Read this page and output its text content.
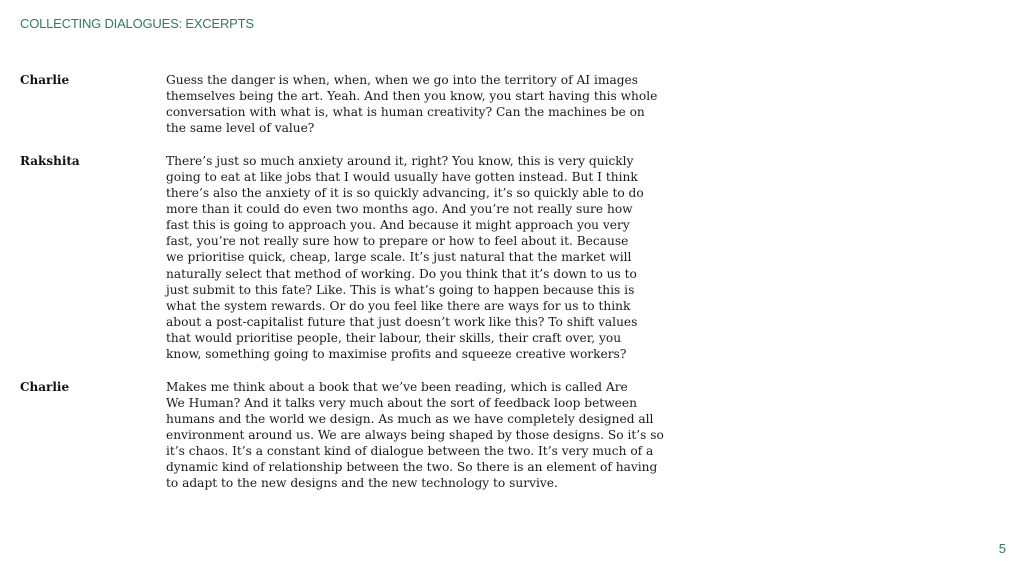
COLLECTING DIALOGUES: EXCERPTS
Charlie	Guess the danger is when, when, when we go into the territory of AI images
themselves being the art. Yeah. And then you know, you start having this whole
conversation with what is, what is human creativity? Can the machines be on
the same level of value?
Rakshita	There’s just so much anxiety around it, right? You know, this is very quickly
going to eat at like jobs that I would usually have gotten instead. But I think
there’s also the anxiety of it is so quickly advancing, it’s so quickly able to do
more than it could do even two months ago. And you’re not really sure how
fast this is going to approach you. And because it might approach you very
fast, you’re not really sure how to prepare or how to feel about it. Because
we prioritise quick, cheap, large scale. It’s just natural that the market will
naturally select that method of working. Do you think that it’s down to us to
just submit to this fate? Like. This is what’s going to happen because this is
what the system rewards. Or do you feel like there are ways for us to think
about a post-capitalist future that just doesn’t work like this? To shift values
that would prioritise people, their labour, their skills, their craft over, you
know, something going to maximise profits and squeeze creative workers?
Charlie	Makes me think about a book that we’ve been reading, which is called Are
We Human? And it talks very much about the sort of feedback loop between
humans and the world we design. As much as we have completely designed all
environment around us. We are always being shaped by those designs. So it’s so
it’s chaos. It’s a constant kind of dialogue between the two. It’s very much of a
dynamic kind of relationship between the two. So there is an element of having
to adapt to the new designs and the new technology to survive.
5
